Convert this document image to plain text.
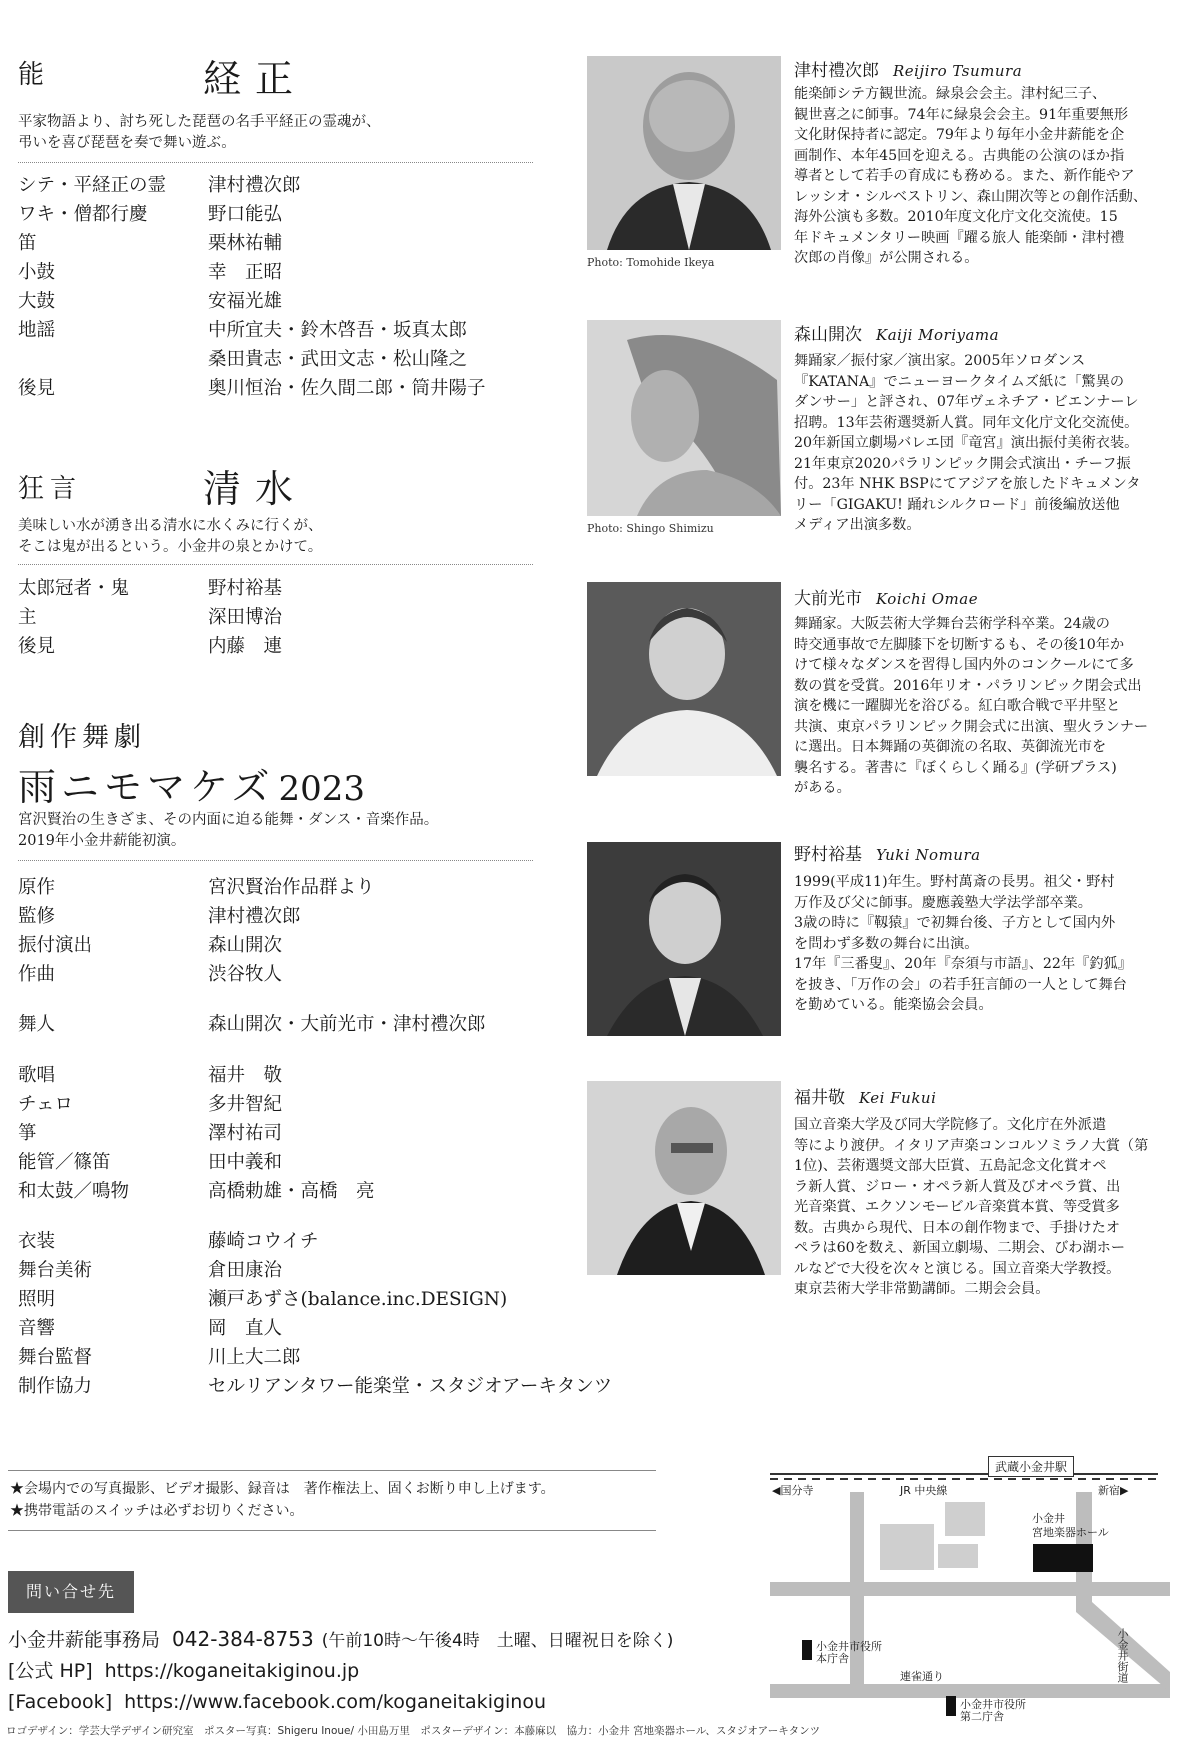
能	経正
平家物語より、討ち死した琵琶の名手平経正の霊魂が、
弔いを喜び琵琶を奏で舞い遊ぶ。
シテ・平経正の霊	津村禮次郎
ワキ・僧都行慶	野口能弘
笛	栗林祐輔
小鼓	幸　正昭
大鼓	安福光雄
地謡	中所宜夫・鈴木啓吾・坂真太郎
桑田貴志・武田文志・松山隆之
後見	奥川恒治・佐久間二郎・筒井陽子
狂言	清水
美味しい水が湧き出る清水に水くみに行くが、
そこは鬼が出るという。小金井の泉とかけて。
太郎冠者・鬼	野村裕基
主	深田博治
後見	内藤　連
創作舞劇
雨ニモマケズ 2023
宮沢賢治の生きざま、その内面に迫る能舞・ダンス・音楽作品。
2019年小金井薪能初演。
原作	宮沢賢治作品群より
監修	津村禮次郎
振付演出	森山開次
作曲	渋谷牧人
舞人	森山開次・大前光市・津村禮次郎
歌唱	福井　敬
チェロ	多井智紀
箏	澤村祐司
能管／篠笛	田中義和
和太鼓／鳴物	高橋勅雄・高橋　亮
衣装	藤崎コウイチ
舞台美術	倉田康治
照明	瀬戸あずさ(balance.inc.DESIGN)
音響	岡　直人
舞台監督	川上大二郎
制作協力	セルリアンタワー能楽堂・スタジオアーキタンツ
Photo: Tomohide Ikeya
津村禮次郎 Reijiro Tsumura
能楽師シテ方観世流。緑泉会会主。津村紀三子、
観世喜之に師事。74年に緑泉会会主。91年重要無形
文化財保持者に認定。79年より毎年小金井薪能を企
画制作、本年45回を迎える。古典能の公演のほか指
導者として若手の育成にも務める。また、新作能やア
レッシオ・シルベストリン、森山開次等との創作活動、
海外公演も多数。2010年度文化庁文化交流使。15
年ドキュメンタリー映画『躍る旅人 能楽師・津村禮
次郎の肖像』が公開される。
Photo: Shingo Shimizu
森山開次 Kaiji Moriyama
舞踊家／振付家／演出家。2005年ソロダンス
『KATANA』でニューヨークタイムズ紙に「驚異の
ダンサー」と評され、07年ヴェネチア・ビエンナーレ
招聘。13年芸術選奨新人賞。同年文化庁文化交流使。
20年新国立劇場バレエ団『竜宮』演出振付美術衣装。
21年東京2020パラリンピック開会式演出・チーフ振
付。23年 NHK BSPにてアジアを旅したドキュメンタ
リー「GIGAKU! 踊れシルクロード」前後編放送他
メディア出演多数。
大前光市 Koichi Omae
舞踊家。大阪芸術大学舞台芸術学科卒業。24歳の
時交通事故で左脚膝下を切断するも、その後10年か
けて様々なダンスを習得し国内外のコンクールにて多
数の賞を受賞。2016年リオ・パラリンピック閉会式出
演を機に一躍脚光を浴びる。紅白歌合戦で平井堅と
共演、東京パラリンピック開会式に出演、聖火ランナー
に選出。日本舞踊の英御流の名取、英御流光市を
襲名する。著書に『ぼくらしく踊る』(学研プラス)
がある。
野村裕基 Yuki Nomura
1999(平成11)年生。野村萬斎の長男。祖父・野村
万作及び父に師事。慶應義塾大学法学部卒業。
3歳の時に『靱猿』で初舞台後、子方として国内外
を問わず多数の舞台に出演。
17年『三番叟』、20年『奈須与市語』、22年『釣狐』
を披き、「万作の会」の若手狂言師の一人として舞台
を勤めている。能楽協会会員。
福井敬 Kei Fukui
国立音楽大学及び同大学院修了。文化庁在外派遣
等により渡伊。イタリア声楽コンコルソミラノ大賞（第
1位)、芸術選奨文部大臣賞、五島記念文化賞オペ
ラ新人賞、ジロー・オペラ新人賞及びオペラ賞、出
光音楽賞、エクソンモービル音楽賞本賞、等受賞多
数。古典から現代、日本の創作物まで、手掛けたオ
ペラは60を数え、新国立劇場、二期会、びわ湖ホー
ルなどで大役を次々と演じる。国立音楽大学教授。
東京芸術大学非常勤講師。二期会会員。
★会場内での写真撮影、ビデオ撮影、録音は　著作権法上、固くお断り申し上げます。
★携帯電話のスイッチは必ずお切りください。
問い合せ先
小金井薪能事務局 042-384-8753 (午前10時～午後4時　土曜、日曜祝日を除く)
[公式 HP] https://koganeitakiginou.jp
[Facebook] https://www.facebook.com/koganeitakiginou
ロゴデザイン：学芸大学デザイン研究室　ポスター写真：Shigeru Inoue/ 小田島万里　ポスターデザイン：本藤麻以　協力：小金井 宮地楽器ホール、スタジオアーキタンツ
武蔵小金井駅
◀国分寺	JR 中央線	新宿▶
小金井
宮地楽器ホール
小金井市役所
本庁舎
連雀通り
小金井市役所
第二庁舎
小金井街道
